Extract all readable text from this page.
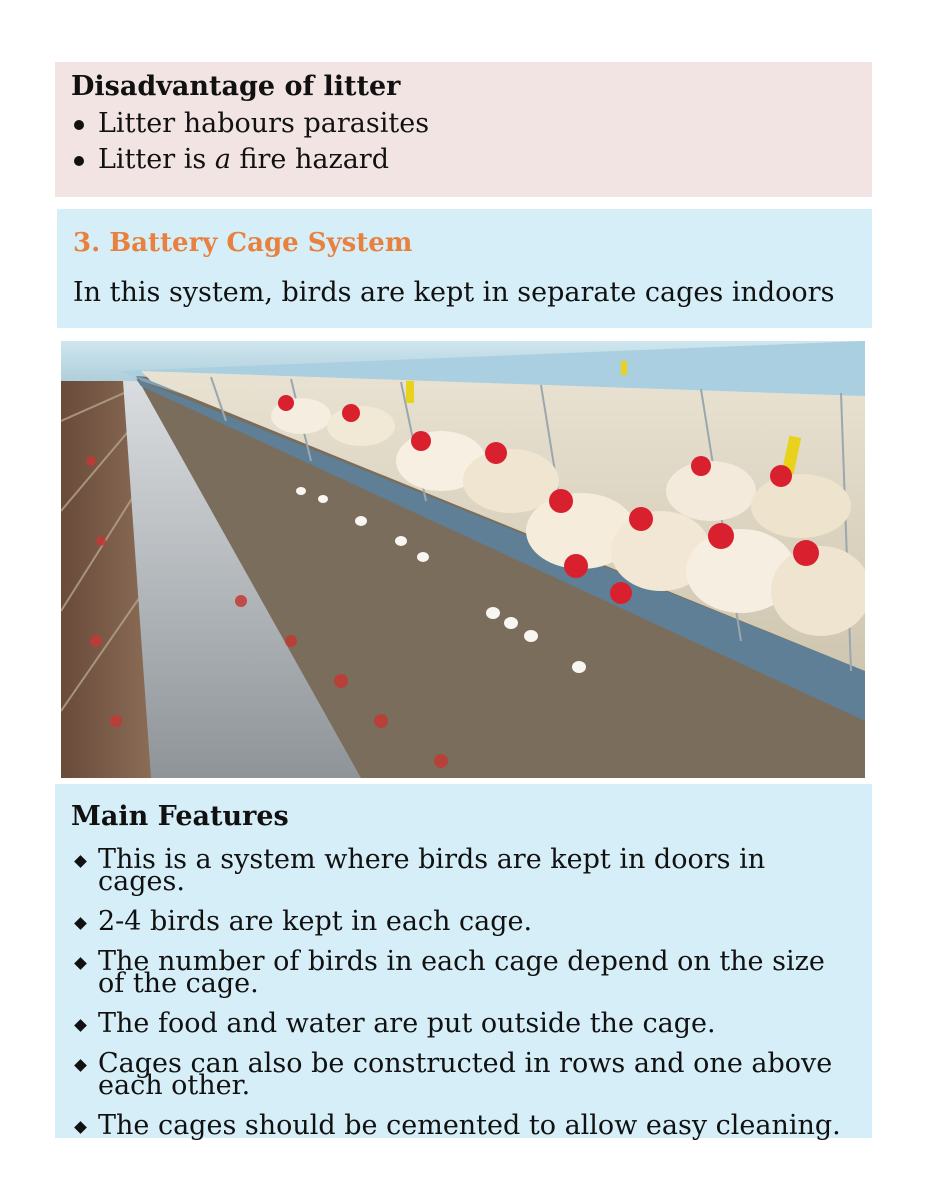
Disadvantage of litter

Litter habours parasites
Litter is a fire hazard

3. Battery Cage System

In this system, birds are kept in separate cages indoors

Main Features

This is a system where birds are kept in doors in cages.
2-4 birds are kept in each cage.
The number of birds in each cage depend on the size of the cage.
The food and water are put outside the cage.
Cages can also be constructed in rows and one above each other.
The cages should be cemented to allow easy cleaning.
